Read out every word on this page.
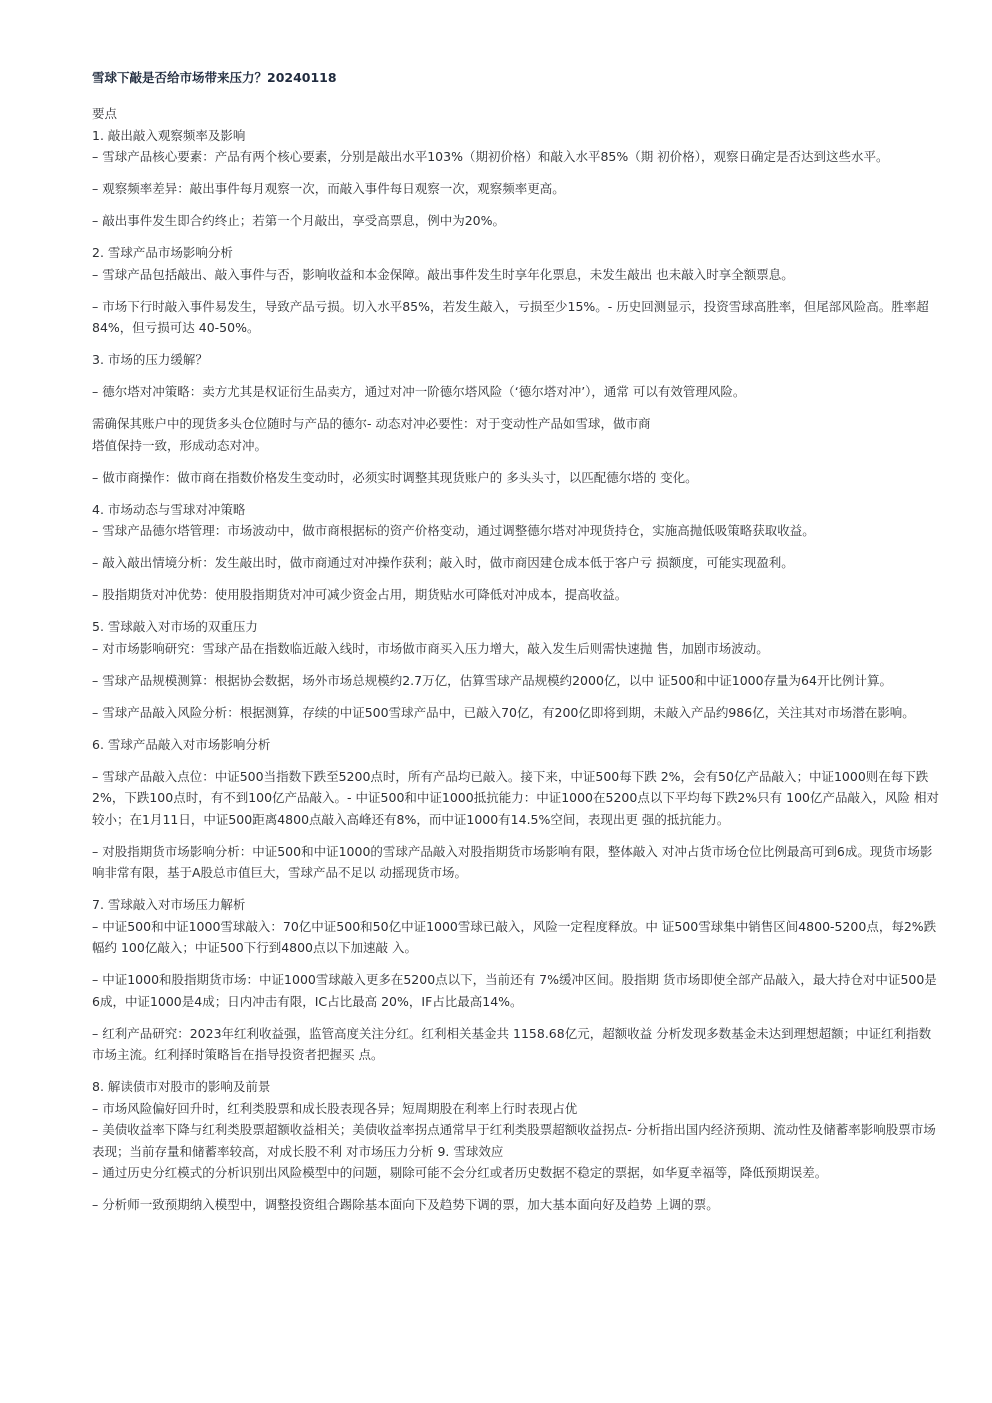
雪球下敲是否给市场带来压力？20240118
要点
1. 敲出敲入观察频率及影响
– 雪球产品核心要素：产品有两个核心要素，分别是敲出水平103%（期初价格）和敲入水平85%（期 初价格），观察日确定是否达到这些水平。
– 观察频率差异：敲出事件每月观察一次，而敲入事件每日观察一次，观察频率更高。
– 敲出事件发生即合约终止；若第一个月敲出，享受高票息，例中为20%。
2. 雪球产品市场影响分析
– 雪球产品包括敲出、敲入事件与否，影响收益和本金保障。敲出事件发生时享年化票息，未发生敲出 也未敲入时享全额票息。
– 市场下行时敲入事件易发生，导致产品亏损。切入水平85%，若发生敲入，亏损至少15%。- 历史回测显示，投资雪球高胜率，但尾部风险高。胜率超84%，但亏损可达 40-50%。
3. 市场的压力缓解？
– 德尔塔对冲策略：卖方尤其是权证衍生品卖方，通过对冲一阶德尔塔风险（‘德尔塔对冲’），通常 可以有效管理风险。
需确保其账户中的现货多头仓位随时与产品的德尔- 动态对冲必要性：对于变动性产品如雪球，做市商
塔值保持一致，形成动态对冲。
– 做市商操作：做市商在指数价格发生变动时，必须实时调整其现货账户的 多头头寸，以匹配德尔塔的 变化。
4. 市场动态与雪球对冲策略
– 雪球产品德尔塔管理：市场波动中，做市商根据标的资产价格变动，通过调整德尔塔对冲现货持仓，实施高抛低吸策略获取收益。
– 敲入敲出情境分析：发生敲出时，做市商通过对冲操作获利；敲入时，做市商因建仓成本低于客户亏 损额度，可能实现盈利。
– 股指期货对冲优势：使用股指期货对冲可减少资金占用，期货贴水可降低对冲成本，提高收益。
5. 雪球敲入对市场的双重压力
– 对市场影响研究：雪球产品在指数临近敲入线时，市场做市商买入压力增大，敲入发生后则需快速抛 售，加剧市场波动。
– 雪球产品规模测算：根据协会数据，场外市场总规模约2.7万亿，估算雪球产品规模约2000亿，以中 证500和中证1000存量为64开比例计算。
– 雪球产品敲入风险分析：根据测算，存续的中证500雪球产品中，已敲入70亿，有200亿即将到期，未敲入产品约986亿，关注其对市场潜在影响。
6. 雪球产品敲入对市场影响分析
– 雪球产品敲入点位：中证500当指数下跌至5200点时，所有产品均已敲入。接下来，中证500每下跌 2%，会有50亿产品敲入；中证1000则在每下跌2%，下跌100点时，有不到100亿产品敲入。- 中证500和中证1000抵抗能力：中证1000在5200点以下平均每下跌2%只有 100亿产品敲入，风险 相对较小；在1月11日，中证500距离4800点敲入高峰还有8%，而中证1000有14.5%空间，表现出更 强的抵抗能力。
– 对股指期货市场影响分析：中证500和中证1000的雪球产品敲入对股指期货市场影响有限，整体敲入 对冲占货市场仓位比例最高可到6成。现货市场影响非常有限，基于A股总市值巨大，雪球产品不足以 动摇现货市场。
7. 雪球敲入对市场压力解析
– 中证500和中证1000雪球敲入：70亿中证500和50亿中证1000雪球已敲入，风险一定程度释放。中 证500雪球集中销售区间4800-5200点，每2%跌幅约 100亿敲入；中证500下行到4800点以下加速敲 入。
– 中证1000和股指期货市场：中证1000雪球敲入更多在5200点以下，当前还有 7%缓冲区间。股指期 货市场即使全部产品敲入，最大持仓对中证500是6成，中证1000是4成；日内冲击有限，IC占比最高 20%，IF占比最高14%。
– 红利产品研究：2023年红利收益强，监管高度关注分红。红利相关基金共 1158.68亿元，超额收益 分析发现多数基金未达到理想超额；中证红利指数市场主流。红利择时策略旨在指导投资者把握买 点。
8. 解读债市对股市的影响及前景
– 市场风险偏好回升时，红利类股票和成长股表现各异；短周期股在利率上行时表现占优
– 美债收益率下降与红利类股票超额收益相关；美债收益率拐点通常早于红利类股票超额收益拐点- 分析指出国内经济预期、流动性及储蓄率影响股票市场表现；当前存量和储蓄率较高，对成长股不利 对市场压力分析 9. 雪球效应
– 通过历史分红模式的分析识别出风险模型中的问题，剔除可能不会分红或者历史数据不稳定的票据，如华夏幸福等，降低预期误差。
– 分析师一致预期纳入模型中，调整投资组合踢除基本面向下及趋势下调的票，加大基本面向好及趋势 上调的票。
